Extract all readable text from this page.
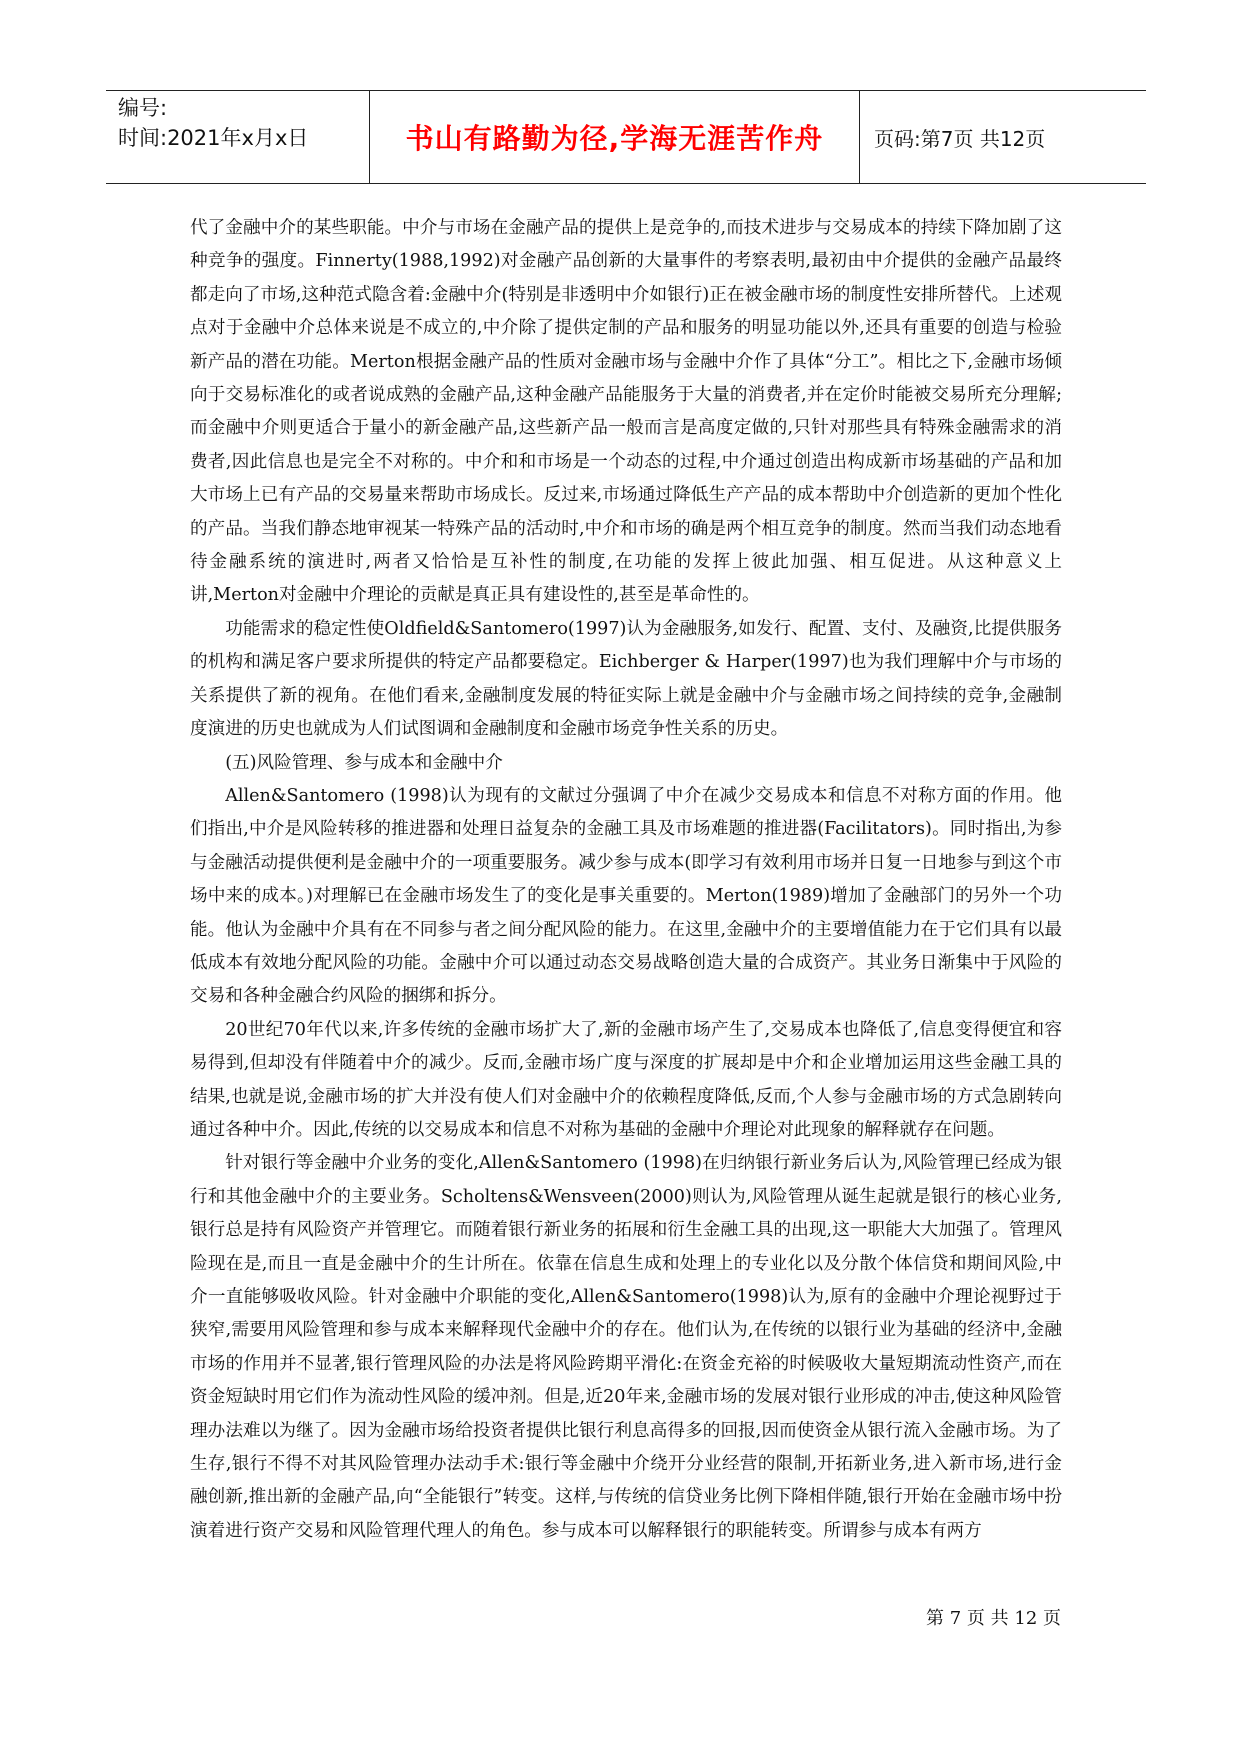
编号:
时间:2021年x月x日	书山有路勤为径,学海无涯苦作舟	页码:第7页 共12页

代了金融中介的某些职能。中介与市场在金融产品的提供上是竞争的,而技术进步与交易成本的持续下降加剧了这种竞争的强度。Finnerty(1988,1992)对金融产品创新的大量事件的考察表明,最初由中介提供的金融产品最终都走向了市场,这种范式隐含着:金融中介(特别是非透明中介如银行)正在被金融市场的制度性安排所替代。上述观点对于金融中介总体来说是不成立的,中介除了提供定制的产品和服务的明显功能以外,还具有重要的创造与检验新产品的潜在功能。Merton根据金融产品的性质对金融市场与金融中介作了具体“分工”。相比之下,金融市场倾向于交易标准化的或者说成熟的金融产品,这种金融产品能服务于大量的消费者,并在定价时能被交易所充分理解;而金融中介则更适合于量小的新金融产品,这些新产品一般而言是高度定做的,只针对那些具有特殊金融需求的消费者,因此信息也是完全不对称的。中介和和市场是一个动态的过程,中介通过创造出构成新市场基础的产品和加大市场上已有产品的交易量来帮助市场成长。反过来,市场通过降低生产产品的成本帮助中介创造新的更加个性化的产品。当我们静态地审视某一特殊产品的活动时,中介和市场的确是两个相互竞争的制度。然而当我们动态地看待金融系统的演进时,两者又恰恰是互补性的制度,在功能的发挥上彼此加强、相互促进。从这种意义上讲,Merton对金融中介理论的贡献是真正具有建设性的,甚至是革命性的。

功能需求的稳定性使Oldfield&Santomero(1997)认为金融服务,如发行、配置、支付、及融资,比提供服务的机构和满足客户要求所提供的特定产品都要稳定。Eichberger & Harper(1997)也为我们理解中介与市场的关系提供了新的视角。在他们看来,金融制度发展的特征实际上就是金融中介与金融市场之间持续的竞争,金融制度演进的历史也就成为人们试图调和金融制度和金融市场竞争性关系的历史。

(五)风险管理、参与成本和金融中介

Allen&Santomero (1998)认为现有的文献过分强调了中介在减少交易成本和信息不对称方面的作用。他们指出,中介是风险转移的推进器和处理日益复杂的金融工具及市场难题的推进器(Facilitators)。同时指出,为参与金融活动提供便利是金融中介的一项重要服务。减少参与成本(即学习有效利用市场并日复一日地参与到这个市场中来的成本。)对理解已在金融市场发生了的变化是事关重要的。Merton(1989)增加了金融部门的另外一个功能。他认为金融中介具有在不同参与者之间分配风险的能力。在这里,金融中介的主要增值能力在于它们具有以最低成本有效地分配风险的功能。金融中介可以通过动态交易战略创造大量的合成资产。其业务日渐集中于风险的交易和各种金融合约风险的捆绑和拆分。

20世纪70年代以来,许多传统的金融市场扩大了,新的金融市场产生了,交易成本也降低了,信息变得便宜和容易得到,但却没有伴随着中介的减少。反而,金融市场广度与深度的扩展却是中介和企业增加运用这些金融工具的结果,也就是说,金融市场的扩大并没有使人们对金融中介的依赖程度降低,反而,个人参与金融市场的方式急剧转向通过各种中介。因此,传统的以交易成本和信息不对称为基础的金融中介理论对此现象的解释就存在问题。

针对银行等金融中介业务的变化,Allen&Santomero (1998)在归纳银行新业务后认为,风险管理已经成为银行和其他金融中介的主要业务。Scholtens&Wensveen(2000)则认为,风险管理从诞生起就是银行的核心业务,银行总是持有风险资产并管理它。而随着银行新业务的拓展和衍生金融工具的出现,这一职能大大加强了。管理风险现在是,而且一直是金融中介的生计所在。依靠在信息生成和处理上的专业化以及分散个体信贷和期间风险,中介一直能够吸收风险。针对金融中介职能的变化,Allen&Santomero(1998)认为,原有的金融中介理论视野过于狭窄,需要用风险管理和参与成本来解释现代金融中介的存在。他们认为,在传统的以银行业为基础的经济中,金融市场的作用并不显著,银行管理风险的办法是将风险跨期平滑化:在资金充裕的时候吸收大量短期流动性资产,而在资金短缺时用它们作为流动性风险的缓冲剂。但是,近20年来,金融市场的发展对银行业形成的冲击,使这种风险管理办法难以为继了。因为金融市场给投资者提供比银行利息高得多的回报,因而使资金从银行流入金融市场。为了生存,银行不得不对其风险管理办法动手术:银行等金融中介绕开分业经营的限制,开拓新业务,进入新市场,进行金融创新,推出新的金融产品,向“全能银行”转变。这样,与传统的信贷业务比例下降相伴随,银行开始在金融市场中扮演着进行资产交易和风险管理代理人的角色。参与成本可以解释银行的职能转变。所谓参与成本有两方

第 7 页 共 12 页
